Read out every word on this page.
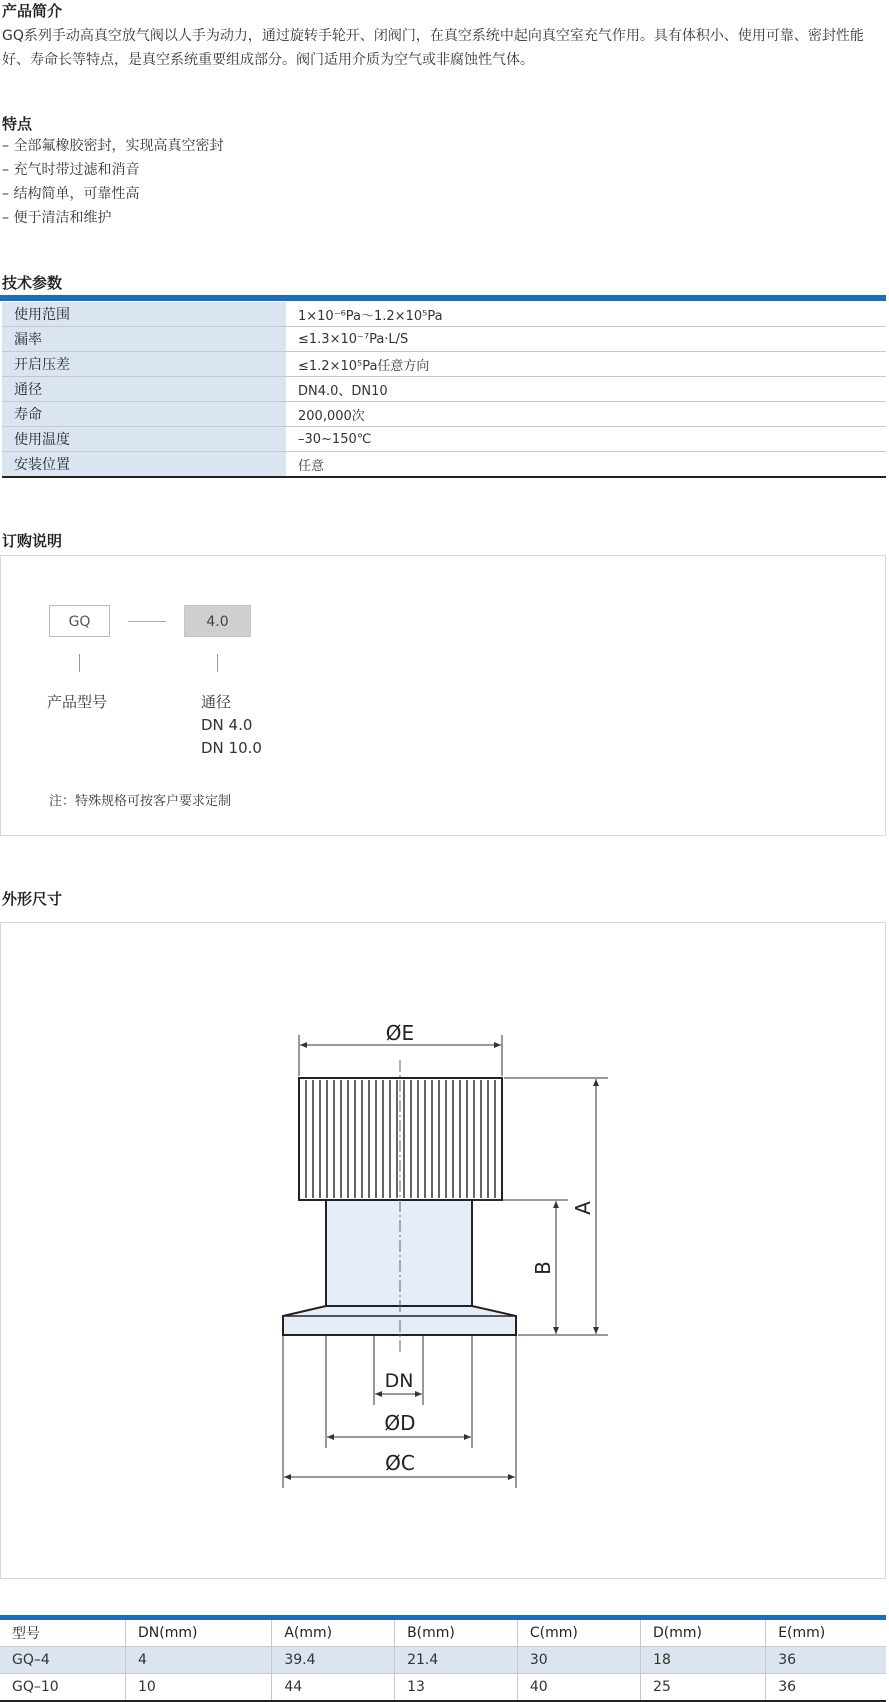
产品简介
GQ系列手动高真空放气阀以人手为动力，通过旋转手轮开、闭阀门，在真空系统中起向真空室充气作用。具有体积小、使用可靠、密封性能好、寿命长等特点，是真空系统重要组成部分。阀门适用介质为空气或非腐蚀性气体。
特点
– 全部氟橡胶密封，实现高真空密封
– 充气时带过滤和消音
– 结构简单，可靠性高
– 便于清洁和维护
技术参数
使用范围	1×10⁻⁶Pa～1.2×10⁵Pa
漏率	≤1.3×10⁻⁷Pa·L/S
开启压差	≤1.2×10⁵Pa任意方向
通径	DN4.0、DN10
寿命	200,000次
使用温度	–30~150℃
安装位置	任意
订购说明
GQ	4.0
产品型号	通径
DN 4.0
DN 10.0
注：特殊规格可按客户要求定制
外形尺寸
ØE
A
B
DN
ØD
ØC
型号	DN(mm)	A(mm)	B(mm)	C(mm)	D(mm)	E(mm)
GQ–4	4	39.4	21.4	30	18	36
GQ–10	10	44	13	40	25	36
